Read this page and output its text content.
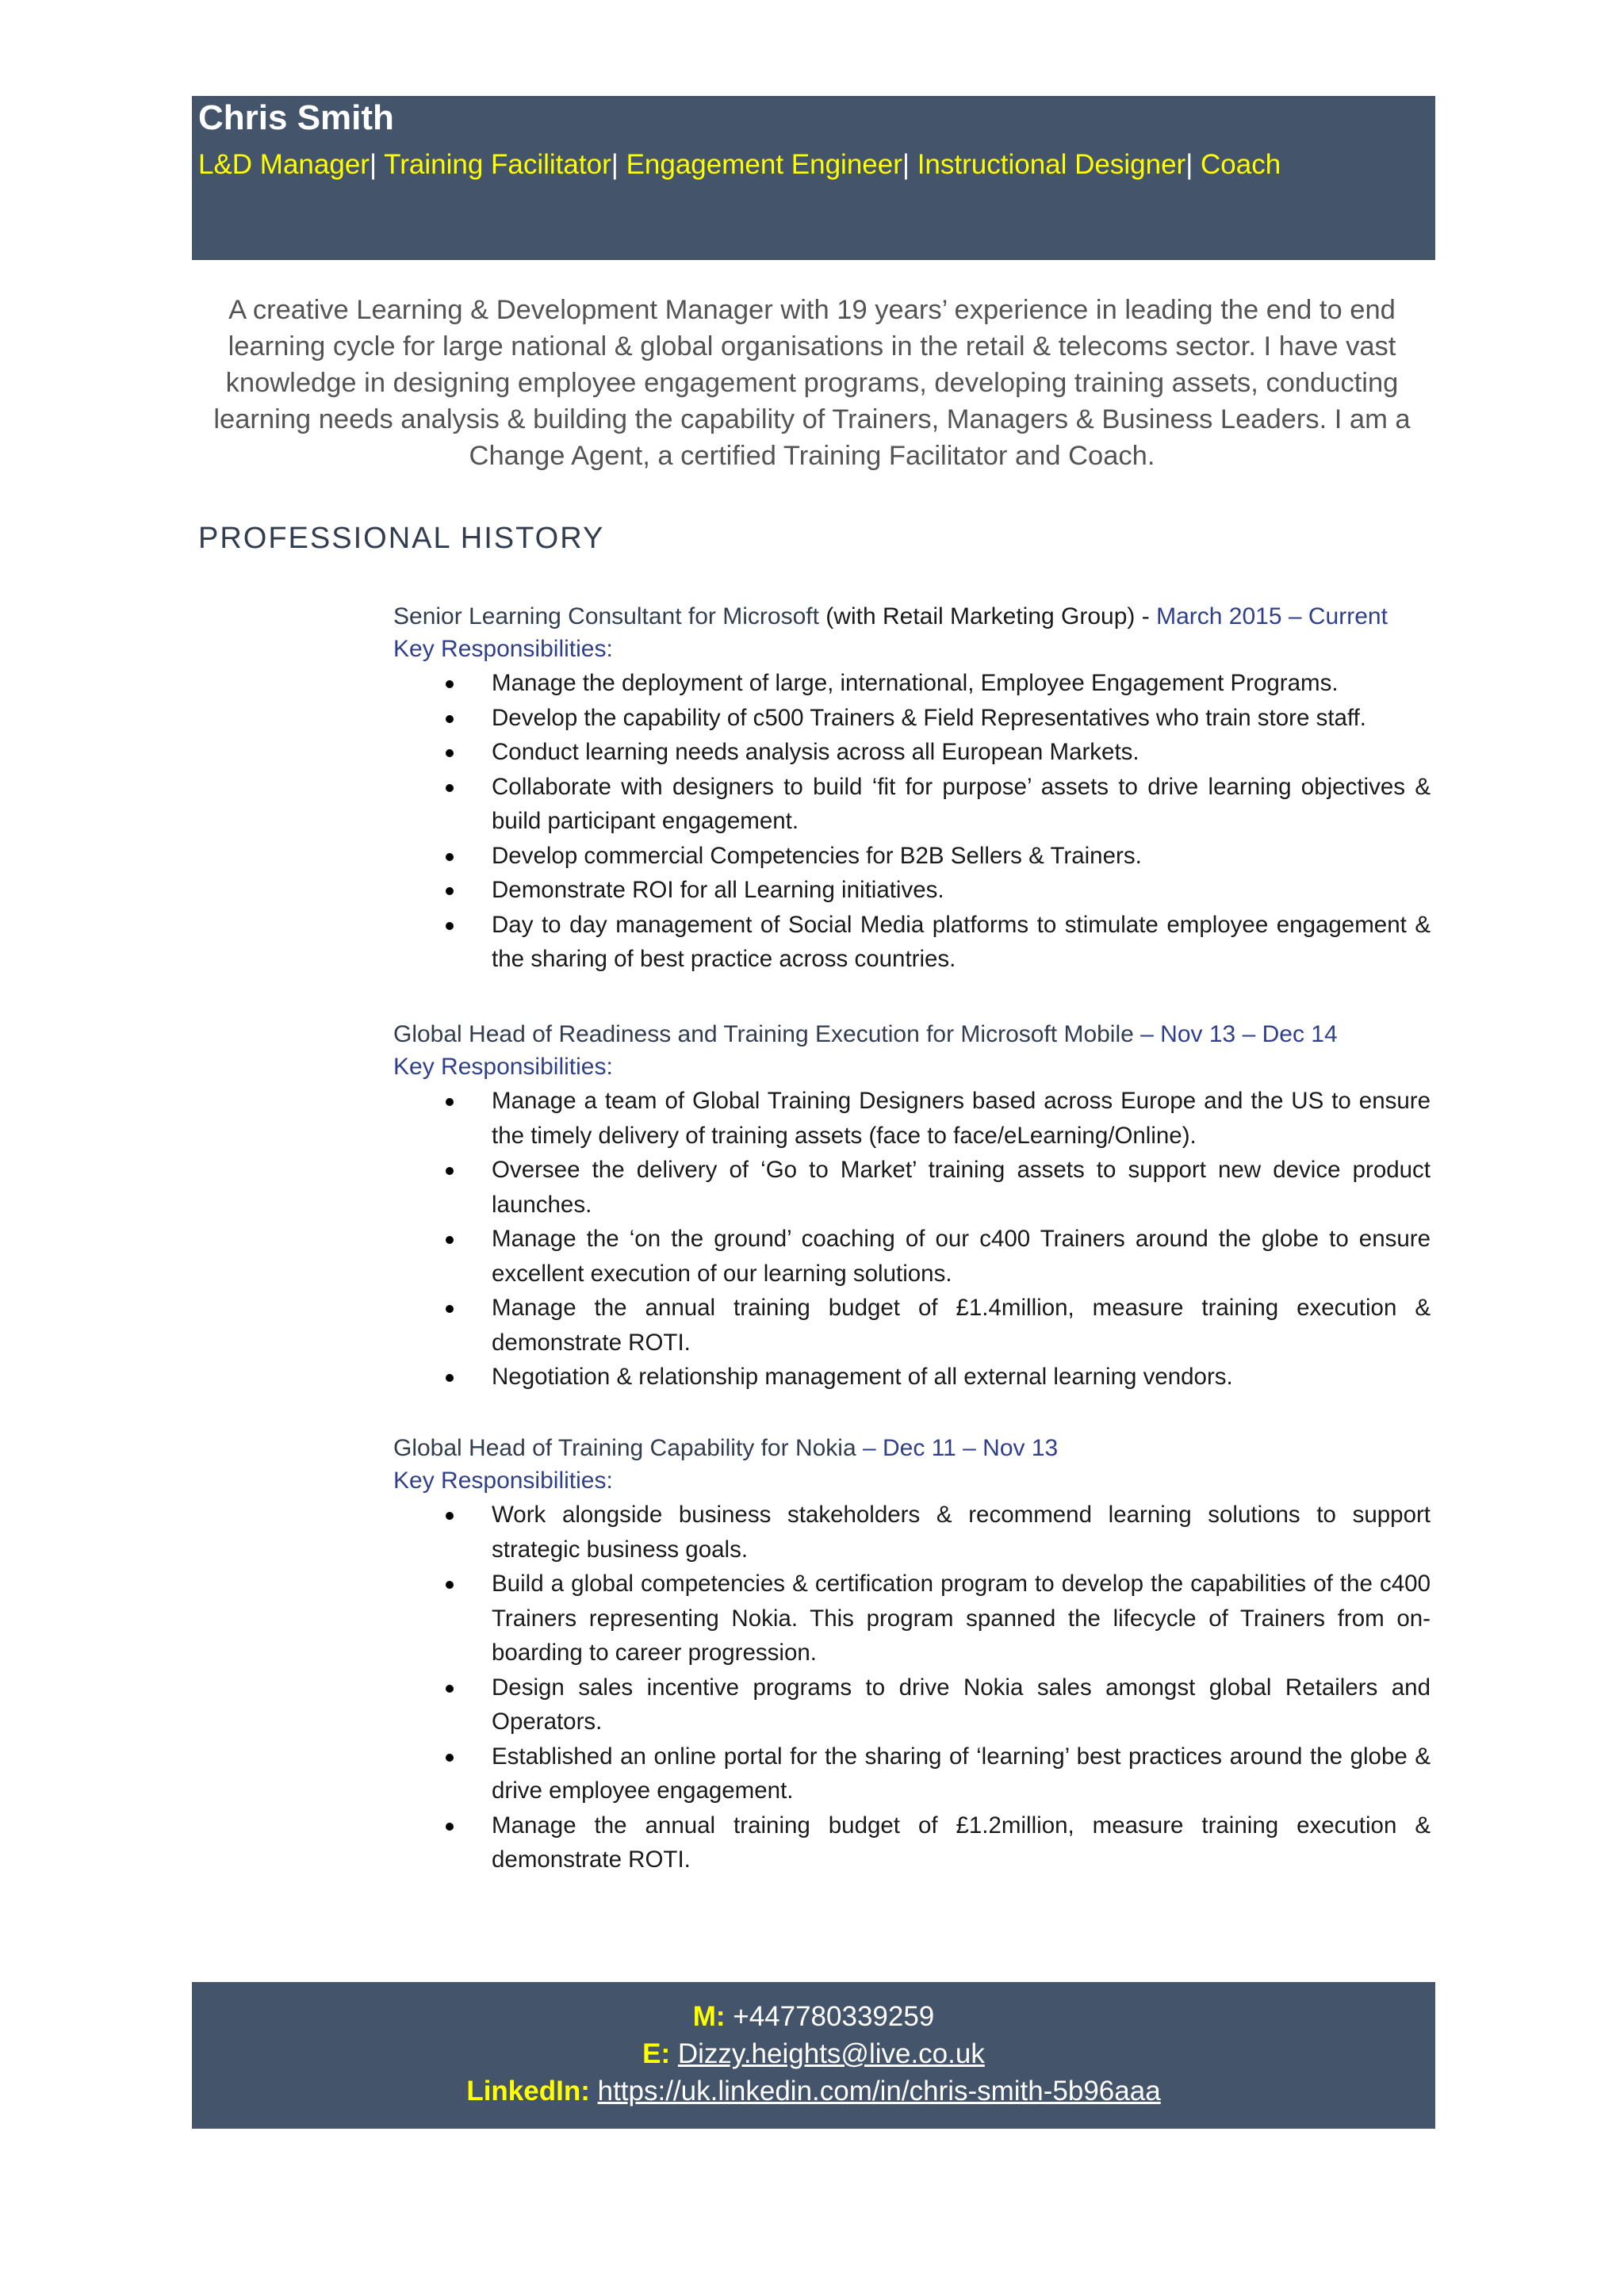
Chris Smith
L&D Manager| Training Facilitator| Engagement Engineer| Instructional Designer| Coach
A creative Learning & Development Manager with 19 years’ experience in leading the end to end learning cycle for large national & global organisations in the retail & telecoms sector. I have vast knowledge in designing employee engagement programs, developing training assets, conducting learning needs analysis & building the capability of Trainers, Managers & Business Leaders. I am a Change Agent, a certified Training Facilitator and Coach.
PROFESSIONAL HISTORY
Senior Learning Consultant for Microsoft (with Retail Marketing Group) - March 2015 – Current
Key Responsibilities:
Manage the deployment of large, international, Employee Engagement Programs.
Develop the capability of c500 Trainers & Field Representatives who train store staff.
Conduct learning needs analysis across all European Markets.
Collaborate with designers to build ‘fit for purpose’ assets to drive learning objectives & build participant engagement.
Develop commercial Competencies for B2B Sellers & Trainers.
Demonstrate ROI for all Learning initiatives.
Day to day management of Social Media platforms to stimulate employee engagement & the sharing of best practice across countries.
Global Head of Readiness and Training Execution for Microsoft Mobile – Nov 13 – Dec 14
Key Responsibilities:
Manage a team of Global Training Designers based across Europe and the US to ensure the timely delivery of training assets (face to face/eLearning/Online).
Oversee the delivery of ‘Go to Market’ training assets to support new device product launches.
Manage the ‘on the ground’ coaching of our c400 Trainers around the globe to ensure excellent execution of our learning solutions.
Manage the annual training budget of £1.4million, measure training execution & demonstrate ROTI.
Negotiation & relationship management of all external learning vendors.
Global Head of Training Capability for Nokia – Dec 11 – Nov 13
Key Responsibilities:
Work alongside business stakeholders & recommend learning solutions to support strategic business goals.
Build a global competencies & certification program to develop the capabilities of the c400 Trainers representing Nokia. This program spanned the lifecycle of Trainers from on-boarding to career progression.
Design sales incentive programs to drive Nokia sales amongst global Retailers and Operators.
Established an online portal for the sharing of ‘learning’ best practices around the globe & drive employee engagement.
Manage the annual training budget of £1.2million, measure training execution & demonstrate ROTI.
M: +447780339259
E: Dizzy.heights@live.co.uk
LinkedIn: https://uk.linkedin.com/in/chris-smith-5b96aaa
